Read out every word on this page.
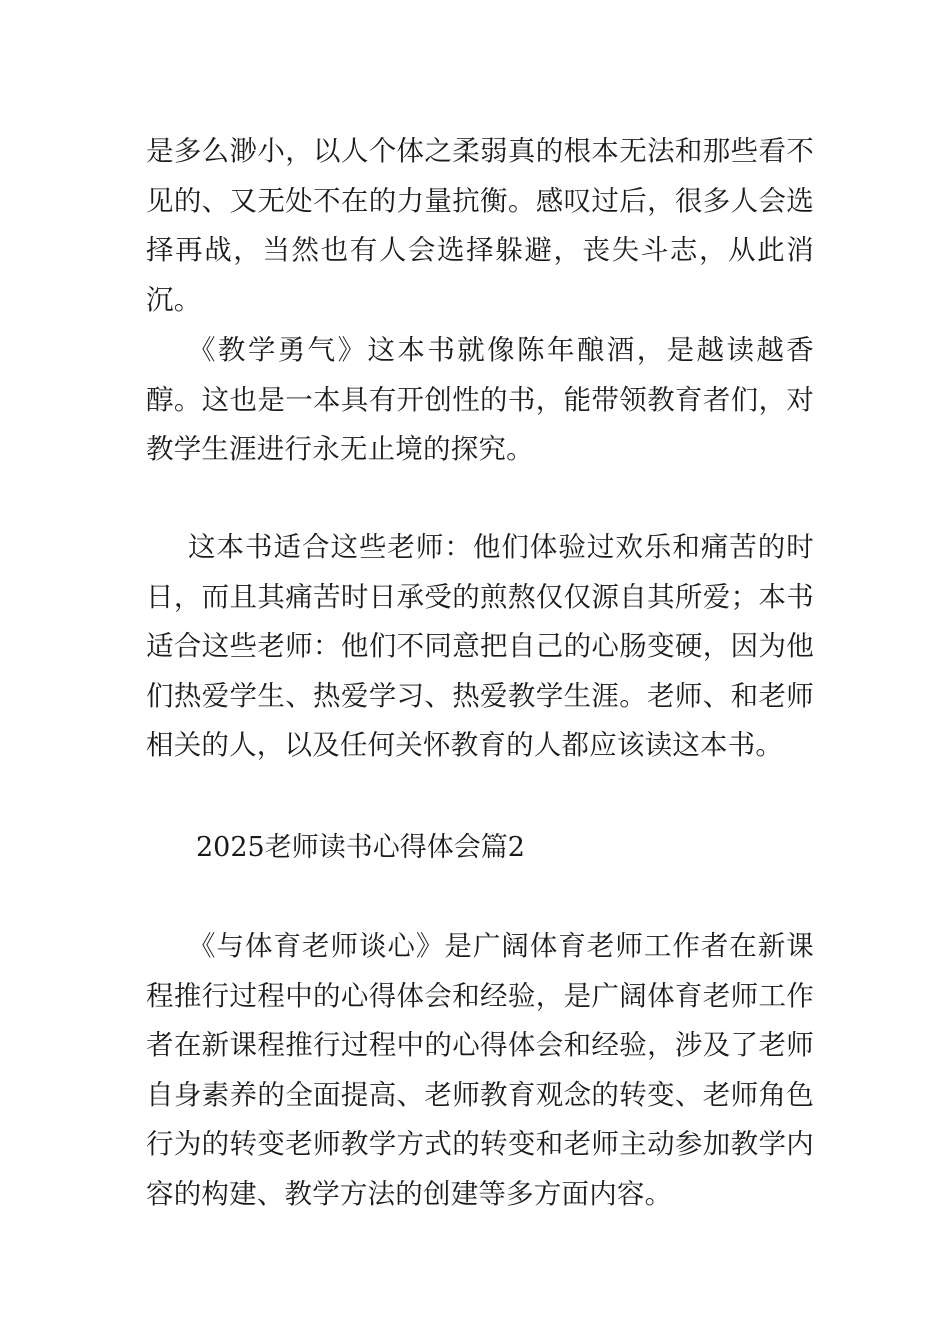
是多么渺小，以人个体之柔弱真的根本无法和那些看不见的、又无处不在的力量抗衡。感叹过后，很多人会选择再战，当然也有人会选择躲避，丧失斗志，从此消沉。

《教学勇气》这本书就像陈年酿酒，是越读越香醇。这也是一本具有开创性的书，能带领教育者们，对教学生涯进行永无止境的探究。

这本书适合这些老师：他们体验过欢乐和痛苦的时日，而且其痛苦时日承受的煎熬仅仅源自其所爱；本书适合这些老师：他们不同意把自己的心肠变硬，因为他们热爱学生、热爱学习、热爱教学生涯。老师、和老师相关的人，以及任何关怀教育的人都应该读这本书。

2025老师读书心得体会篇2

《与体育老师谈心》是广阔体育老师工作者在新课程推行过程中的心得体会和经验，是广阔体育老师工作者在新课程推行过程中的心得体会和经验，涉及了老师自身素养的全面提高、老师教育观念的转变、老师角色行为的转变老师教学方式的转变和老师主动参加教学内容的构建、教学方法的创建等多方面内容。
